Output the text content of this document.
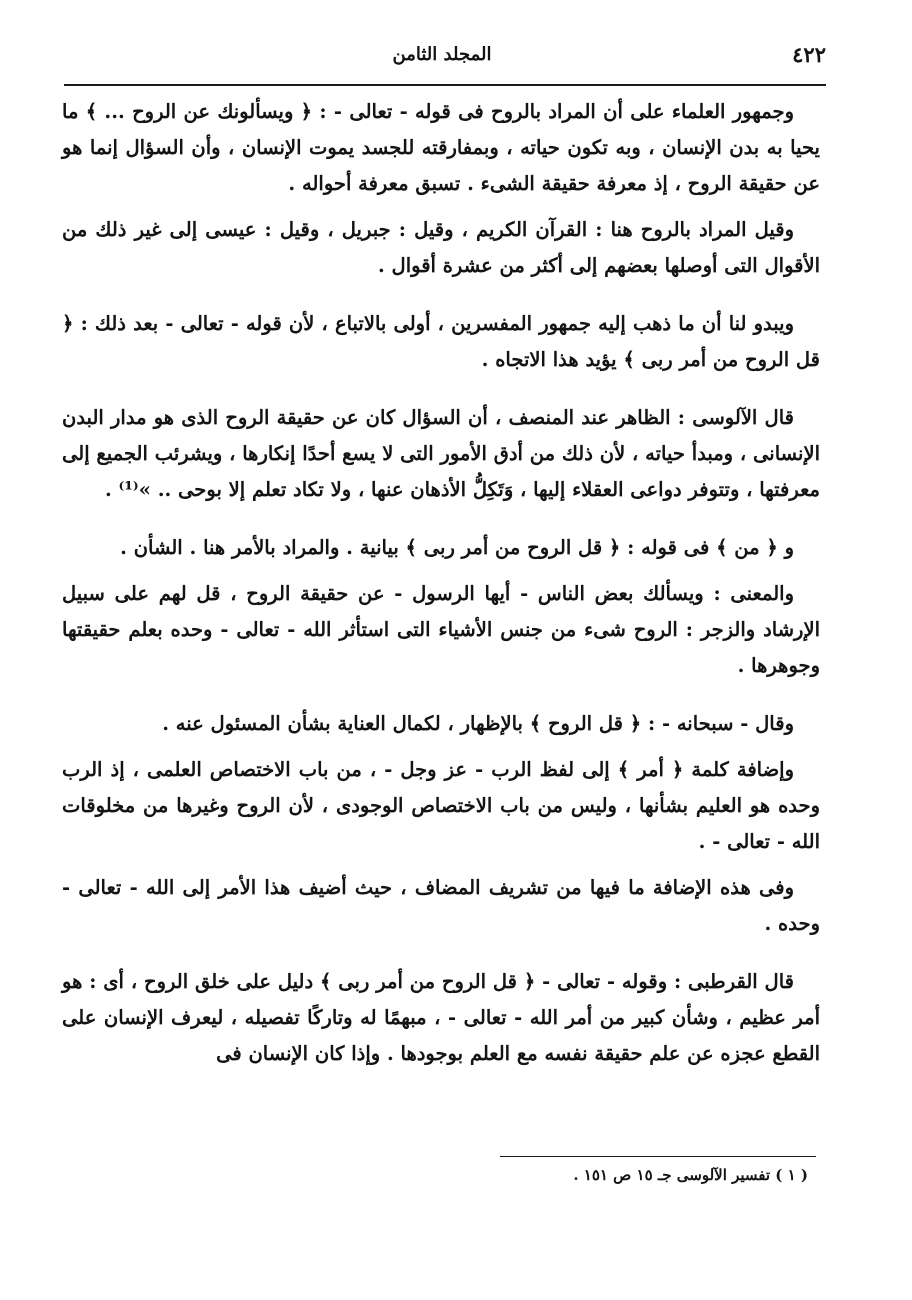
٤٢٢
المجلد الثامن

وجمهور العلماء على أن المراد بالروح فى قوله - تعالى - : ﴿ ويسألونك عن الروح ... ﴾ ما يحيا به بدن الإنسان ، وبه تكون حياته ، وبمفارقته للجسد يموت الإنسان ، وأن السؤال إنما هو عن حقيقة الروح ، إذ معرفة حقيقة الشىء . تسبق معرفة أحواله .

وقيل المراد بالروح هنا : القرآن الكريم ، وقيل : جبريل ، وقيل : عيسى إلى غير ذلك من الأقوال التى أوصلها بعضهم إلى أكثر من عشرة أقوال .

ويبدو لنا أن ما ذهب إليه جمهور المفسرين ، أولى بالاتباع ، لأن قوله - تعالى - بعد ذلك : ﴿ قل الروح من أمر ربى ﴾ يؤيد هذا الاتجاه .

قال الآلوسى : الظاهر عند المنصف ، أن السؤال كان عن حقيقة الروح الذى هو مدار البدن الإنسانى ، ومبدأ حياته ، لأن ذلك من أدق الأمور التى لا يسع أحدًا إنكارها ، ويشرئب الجميع إلى معرفتها ، وتتوفر دواعى العقلاء إليها ، وَتَكِلُّ الأذهان عنها ، ولا تكاد تعلم إلا بوحى .. »⁽¹⁾ .

و ﴿ من ﴾ فى قوله : ﴿ قل الروح من أمر ربى ﴾ بيانية . والمراد بالأمر هنا . الشأن .

والمعنى : ويسألك بعض الناس - أيها الرسول - عن حقيقة الروح ، قل لهم على سبيل الإرشاد والزجر : الروح شىء من جنس الأشياء التى استأثر الله - تعالى - وحده بعلم حقيقتها وجوهرها .

وقال - سبحانه - : ﴿ قل الروح ﴾ بالإظهار ، لكمال العناية بشأن المسئول عنه .

وإضافة كلمة ﴿ أمر ﴾ إلى لفظ الرب - عز وجل - ، من باب الاختصاص العلمى ، إذ الرب وحده هو العليم بشأنها ، وليس من باب الاختصاص الوجودى ، لأن الروح وغيرها من مخلوقات الله - تعالى - .

وفى هذه الإضافة ما فيها من تشريف المضاف ، حيث أضيف هذا الأمر إلى الله - تعالى - وحده .

قال القرطبى : وقوله - تعالى - ﴿ قل الروح من أمر ربى ﴾ دليل على خلق الروح ، أى : هو أمر عظيم ، وشأن كبير من أمر الله - تعالى - ، مبهمًا له وتاركًا تفصيله ، ليعرف الإنسان على القطع عجزه عن علم حقيقة نفسه مع العلم بوجودها . وإذا كان الإنسان فى

( ١ ) تفسير الآلوسى جـ ١٥ ص ١٥١ .
